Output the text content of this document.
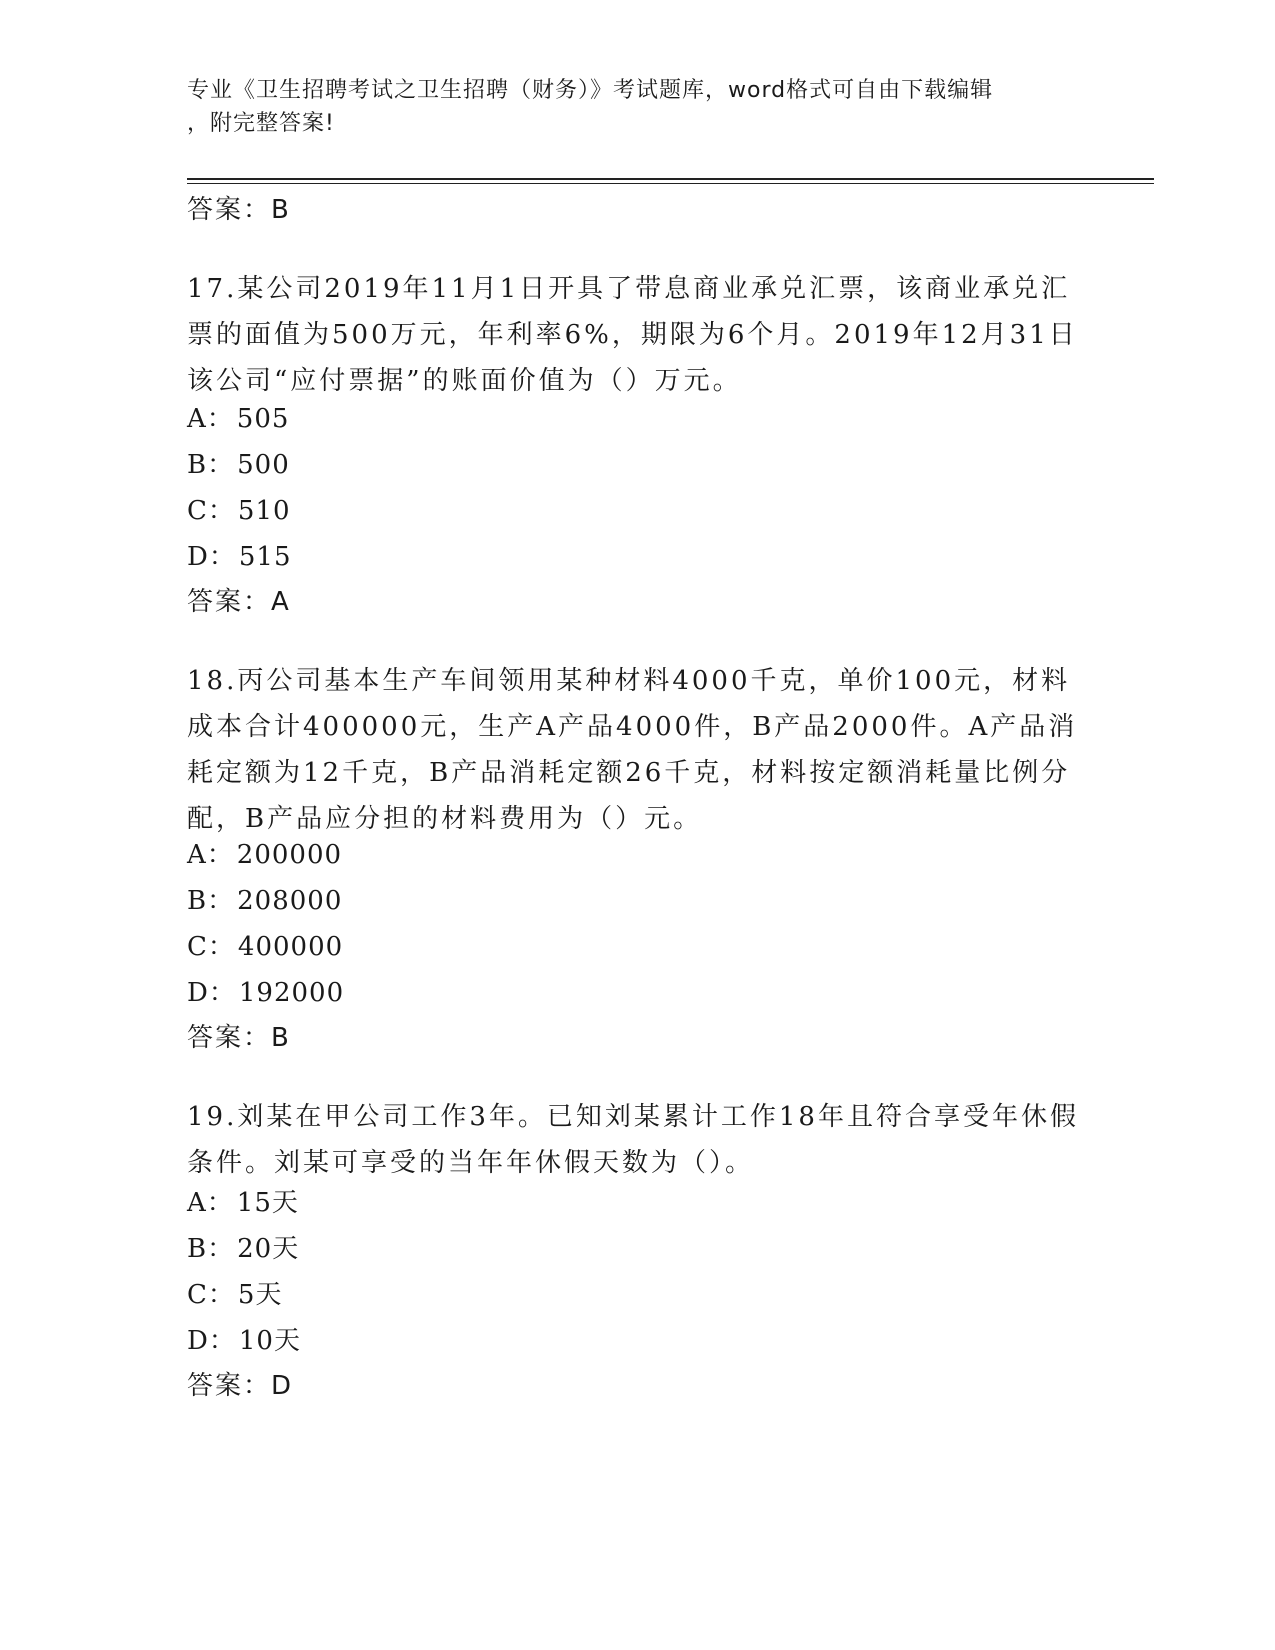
专业《卫生招聘考试之卫生招聘（财务）》考试题库，word格式可自由下载编辑
，附完整答案!
答案：B
17.某公司2019年11月1日开具了带息商业承兑汇票，该商业承兑汇票的面值为500万元，年利率6%，期限为6个月。2019年12月31日该公司“应付票据”的账面价值为（）万元。
A： 505
B： 500
C： 510
D： 515
答案：A
18.丙公司基本生产车间领用某种材料4000千克，单价100元，材料成本合计400000元，生产A产品4000件，B产品2000件。A产品消耗定额为12千克，B产品消耗定额26千克，材料按定额消耗量比例分配，B产品应分担的材料费用为（）元。
A： 200000
B： 208000
C： 400000
D： 192000
答案：B
19.刘某在甲公司工作3年。已知刘某累计工作18年且符合享受年休假条件。刘某可享受的当年年休假天数为（）。
A： 15天
B： 20天
C： 5天
D： 10天
答案：D
